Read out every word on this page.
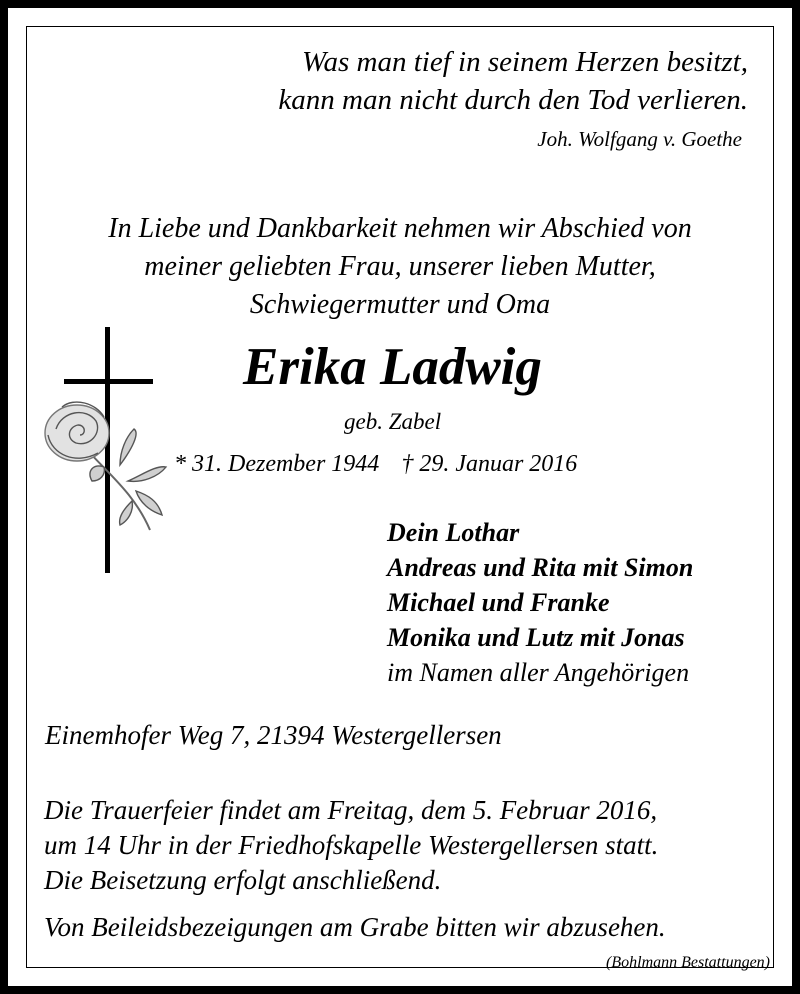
Was man tief in seinem Herzen besitzt,

kann man nicht durch den Tod verlieren.

Joh. Wolfgang v. Goethe

In Liebe und Dankbarkeit nehmen wir Abschied von
meiner geliebten Frau, unserer lieben Mutter,
Schwiegermutter und Oma

Erika Ladwig

geb. Zabel

* 31. Dezember 1944 † 29. Januar 2016

Dein Lothar
Andreas und Rita mit Simon
Michael und Franke
Monika und Lutz mit Jonas
im Namen aller Angehörigen

Einemhofer Weg 7, 21394 Westergellersen

Die Trauerfeier findet am Freitag, dem 5. Februar 2016,
um 14 Uhr in der Friedhofskapelle Westergellersen statt.
Die Beisetzung erfolgt anschließend.

Von Beileidsbezeigungen am Grabe bitten wir abzusehen.

(Bohlmann Bestattungen)
